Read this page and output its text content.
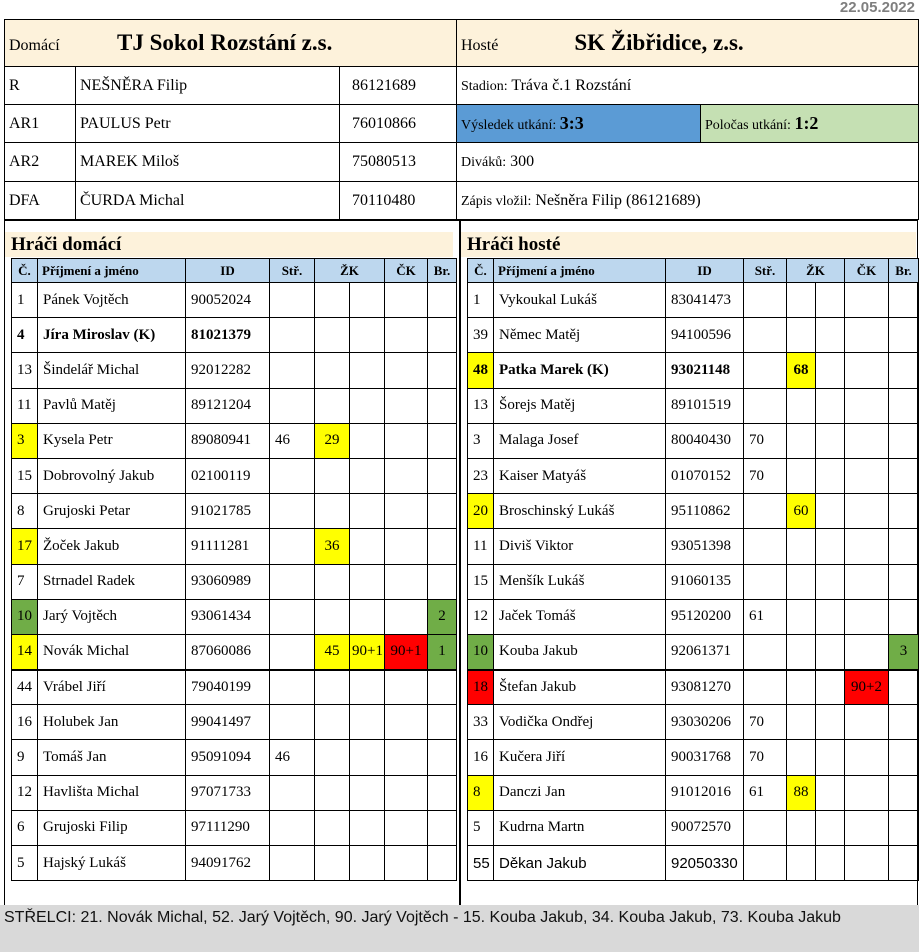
22.05.2022
Domácí TJ Sokol Rozstání z.s.			Hosté SK Žibřidice, z.s.	
R	NEŠNĚRA Filip	86121689	Stadion: Tráva č.1 Rozstání	
AR1	PAULUS Petr	76010866	Výsledek utkání: 3:3	Poločas utkání: 1:2
AR2	MAREK Miloš	75080513	Diváků: 300	
DFA	ČURDA Michal	70110480	Zápis vložil: Nešněra Filip (86121689)	
Hráči domácí	Hráči hosté
Č.	Příjmení a jméno	ID	Stř.	ŽK		ČK	Br.
1	Pánek Vojtěch	90052024					
4	Jíra Miroslav (K)	81021379					
13	Šindelář Michal	92012282					
11	Pavlů Matěj	89121204					
3	Kysela Petr	89080941	46	29			
15	Dobrovolný Jakub	02100119					
8	Grujoski Petar	91021785					
17	Žoček Jakub	91111281		36			
7	Strnadel Radek	93060989					
10	Jarý Vojtěch	93061434					2
14	Novák Michal	87060086		45	90+1	90+1	1
44	Vrábel Jiří	79040199					
16	Holubek Jan	99041497					
9	Tomáš Jan	95091094	46				
12	Havlišta Michal	97071733					
6	Grujoski Filip	97111290					
5	Hajský Lukáš	94091762					
Č.	Příjmení a jméno	ID	Stř.	ŽK		ČK	Br.
1	Vykoukal Lukáš	83041473					
39	Němec Matěj	94100596					
48	Patka Marek (K)	93021148		68			
13	Šorejs Matěj	89101519					
3	Malaga Josef	80040430	70				
23	Kaiser Matyáš	01070152	70				
20	Broschinský Lukáš	95110862		60			
11	Diviš Viktor	93051398					
15	Menšík Lukáš	91060135					
12	Jaček Tomáš	95120200	61				
10	Kouba Jakub	92061371					3
18	Štefan Jakub	93081270				90+2	
33	Vodička Ondřej	93030206	70				
16	Kučera Jiří	90031768	70				
8	Danczi Jan	91012016	61	88			
5	Kudrna Martn	90072570					
55	Děkan Jakub	92050330					
STŘELCI: 21. Novák Michal, 52. Jarý Vojtěch, 90. Jarý Vojtěch - 15. Kouba Jakub, 34. Kouba Jakub, 73. Kouba Jakub
